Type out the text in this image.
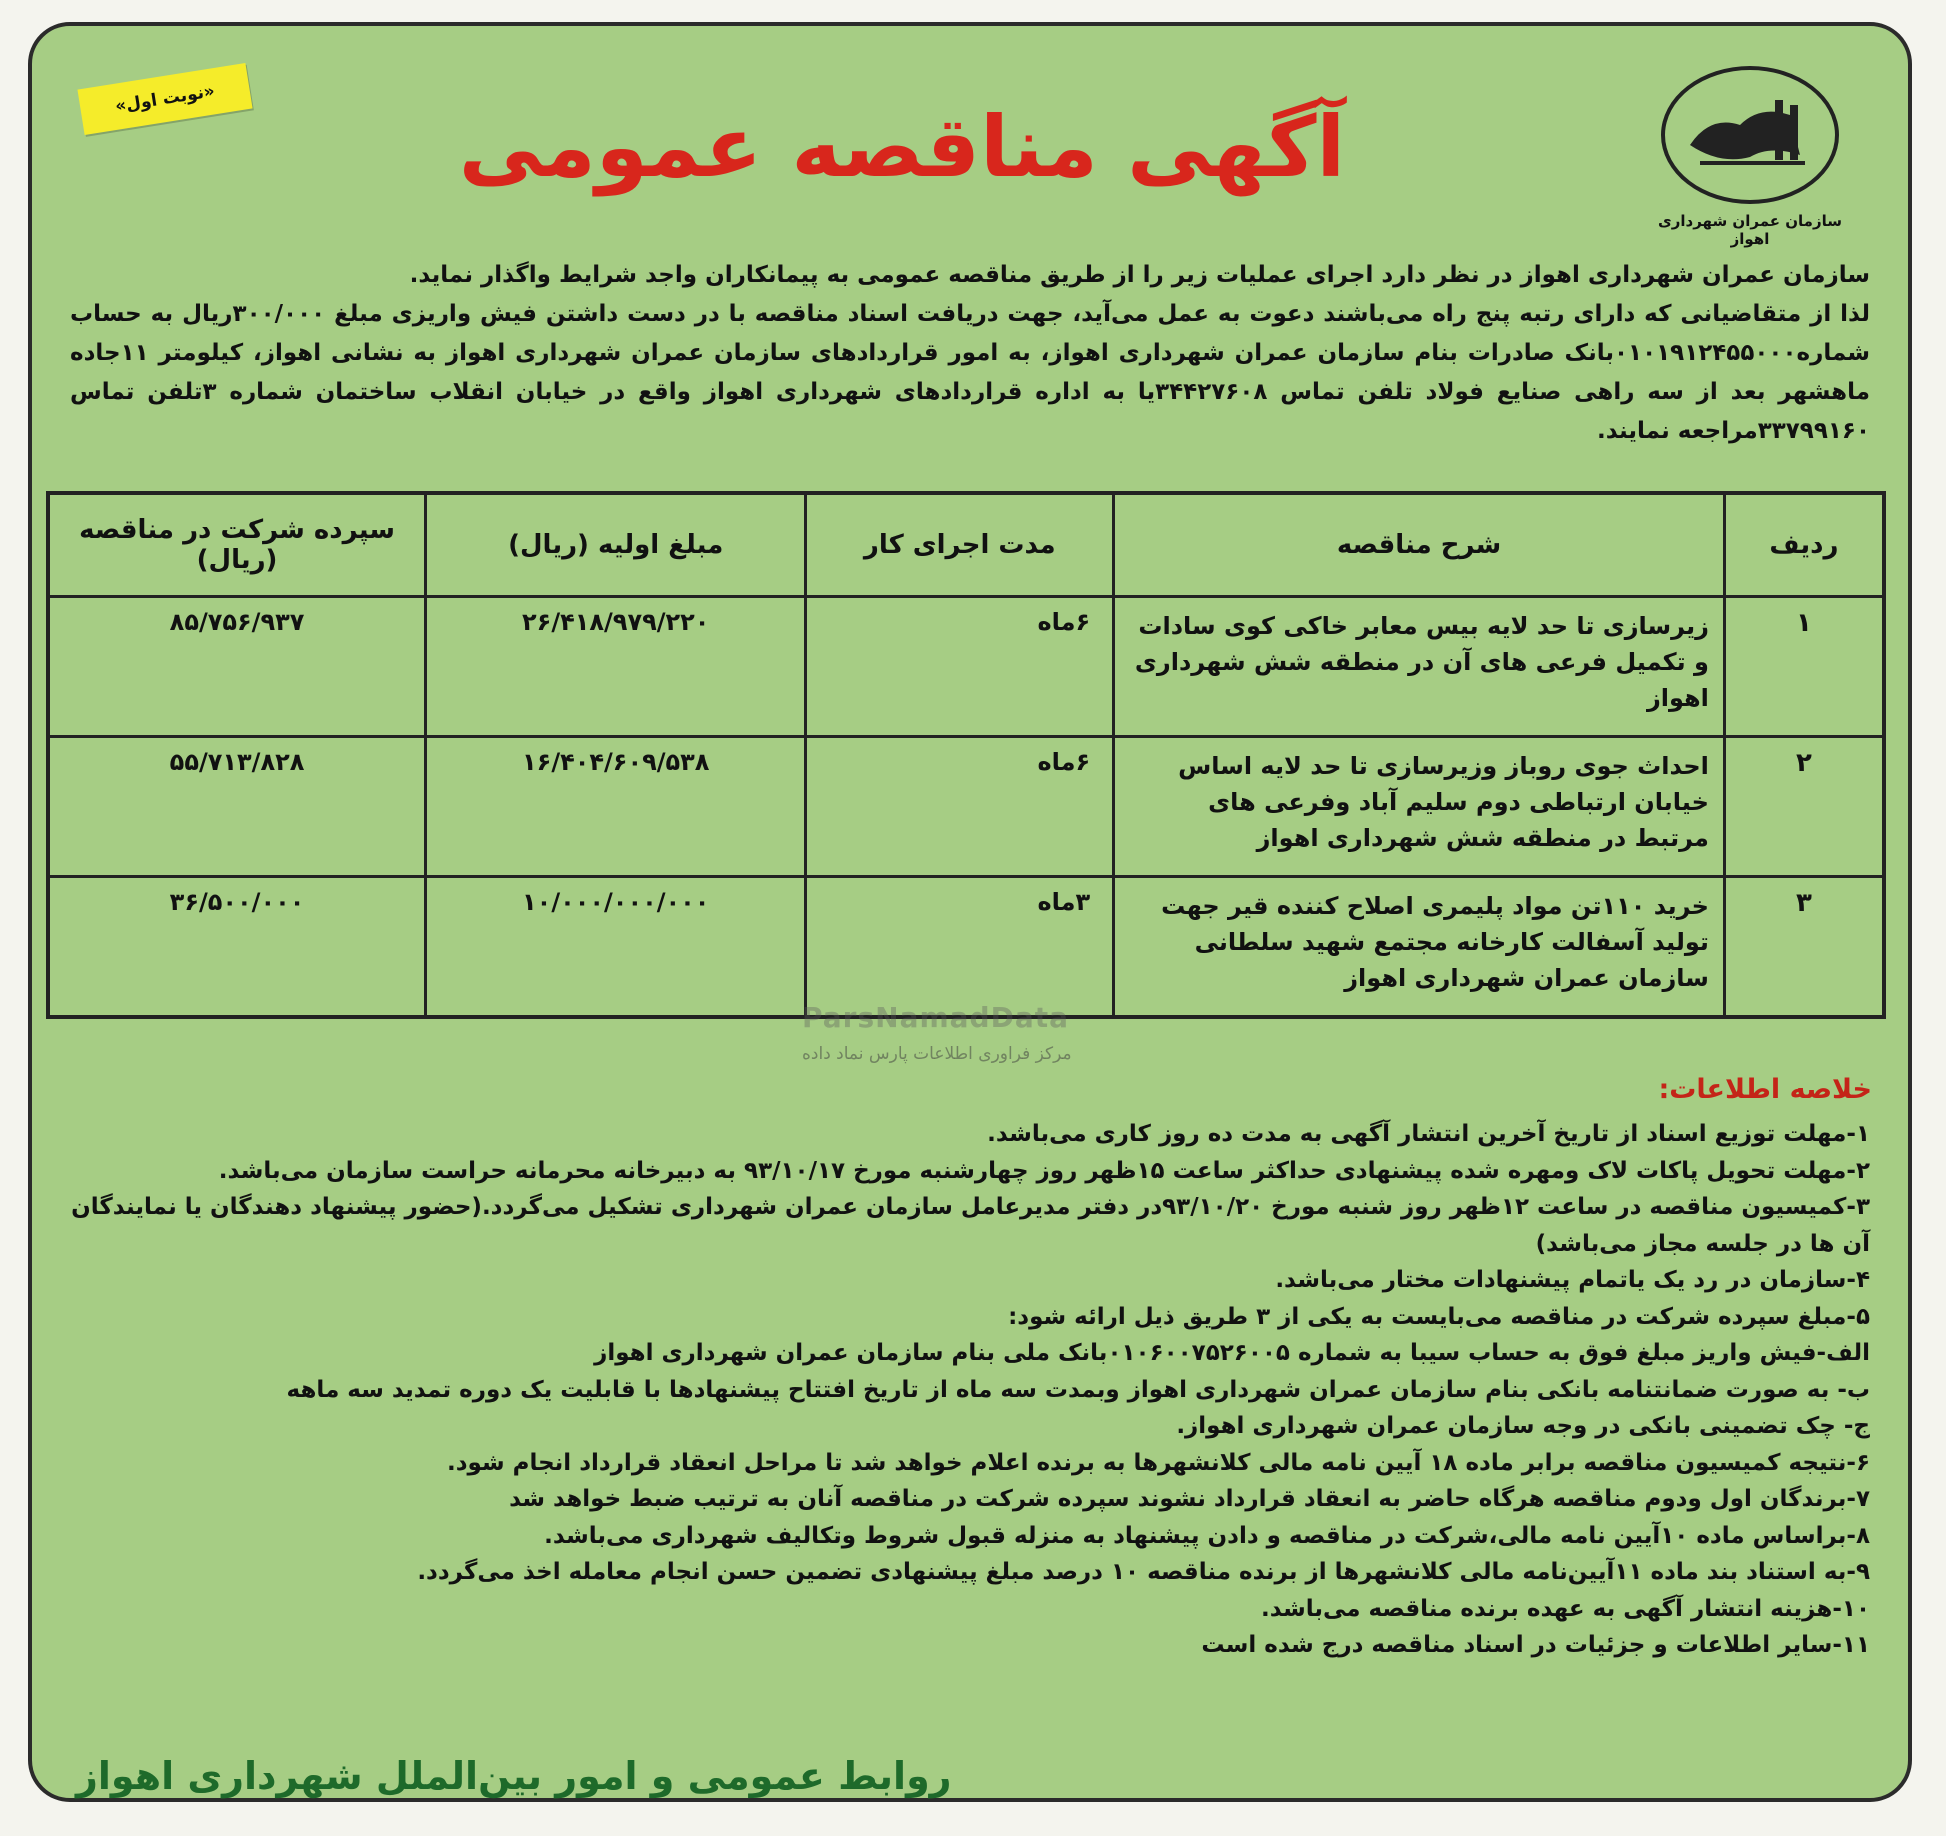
سازمان عمران شهرداری اهواز
«نوبت اول»	آگهی مناقصه عمومی

سازمان عمران شهرداری اهواز در نظر دارد اجرای عملیات زیر را از طریق مناقصه عمومی به پیمانکاران واجد شرایط واگذار نماید.

لذا از متقاضیانی که دارای رتبه پنج راه می‌باشند دعوت به عمل می‌آید، جهت دریافت اسناد مناقصه با در دست داشتن فیش واریزی مبلغ ۳۰۰/۰۰۰ریال به حساب شماره۰۱۰۱۹۱۲۴۵۵۰۰۰بانک صادرات بنام سازمان عمران شهرداری اهواز، به امور قراردادهای سازمان عمران شهرداری اهواز به نشانی اهواز، کیلومتر ۱۱جاده ماهشهر بعد از سه راهی صنایع فولاد تلفن تماس ۳۴۴۲۷۶۰۸یا به اداره قراردادهای شهرداری اهواز واقع در خیابان انقلاب ساختمان شماره ۳تلفن تماس ۳۳۷۹۹۱۶۰مراجعه نمایند.

ردیف	شرح مناقصه	مدت اجرای کار	مبلغ اولیه (ریال)	سپرده شرکت در مناقصه (ریال)
۱	زیرسازی تا حد لایه بیس معابر خاکی کوی سادات و تکمیل فرعی های آن در منطقه شش شهرداری اهواز	۶ماه	۲۶/۴۱۸/۹۷۹/۲۲۰	۸۵/۷۵۶/۹۳۷
۲	احداث جوی روباز وزیرسازی تا حد لایه اساس خیابان ارتباطی دوم سلیم آباد وفرعی های مرتبط در منطقه شش شهرداری اهواز	۶ماه	۱۶/۴۰۴/۶۰۹/۵۳۸	۵۵/۷۱۳/۸۲۸
۳	خرید ۱۱۰تن مواد پلیمری اصلاح کننده قیر جهت تولید آسفالت کارخانه مجتمع شهید سلطانی سازمان عمران شهرداری اهواز	۳ماه	۱۰/۰۰۰/۰۰۰/۰۰۰	۳۶/۵۰۰/۰۰۰
ParsNamadData
مرکز فراوری اطلاعات پارس نماد داده
خلاصه اطلاعات:
۱-مهلت توزیع اسناد از تاریخ آخرین انتشار آگهی به مدت ده روز کاری می‌باشد.
۲-مهلت تحویل پاکات لاک ومهره شده پیشنهادی حداکثر ساعت ۱۵ظهر روز چهارشنبه مورخ ۹۳/۱۰/۱۷ به دبیرخانه محرمانه حراست سازمان می‌باشد.
۳-کمیسیون مناقصه در ساعت ۱۲ظهر روز شنبه مورخ ۹۳/۱۰/۲۰در دفتر مدیرعامل سازمان عمران شهرداری تشکیل می‌گردد.(حضور پیشنهاد دهندگان یا نمایندگان آن ها در جلسه مجاز می‌باشد)
۴-سازمان در رد یک یاتمام پیشنهادات مختار می‌باشد.
۵-مبلغ سپرده شرکت در مناقصه می‌بایست به یکی از ۳ طریق ذیل ارائه شود:
الف-فیش واریز مبلغ فوق به حساب سیبا به شماره ۰۱۰۶۰۰۷۵۲۶۰۰۵بانک ملی بنام سازمان عمران شهرداری اهواز
ب- به صورت ضمانتنامه بانکی بنام سازمان عمران شهرداری اهواز وبمدت سه ماه از تاریخ افتتاح پیشنهادها با قابلیت یک دوره تمدید سه ماهه
ج- چک تضمینی بانکی در وجه سازمان عمران شهرداری اهواز.
۶-نتیجه کمیسیون مناقصه برابر ماده ۱۸ آیین نامه مالی کلانشهرها به برنده اعلام خواهد شد تا مراحل انعقاد قرارداد انجام شود.
۷-برندگان اول ودوم مناقصه هرگاه حاضر به انعقاد قرارداد نشوند سپرده شرکت در مناقصه آنان به ترتیب ضبط خواهد شد
۸-براساس ماده ۱۰آیین نامه مالی،شرکت در مناقصه و دادن پیشنهاد به منزله قبول شروط وتکالیف شهرداری می‌باشد.
۹-به استناد بند ماده ۱۱آیین‌نامه مالی کلانشهرها از برنده مناقصه ۱۰ درصد مبلغ پیشنهادی تضمین حسن انجام معامله اخذ می‌گردد.
۱۰-هزینه انتشار آگهی به عهده برنده مناقصه می‌باشد.
۱۱-سایر اطلاعات و جزئیات در اسناد مناقصه درج شده است
روابط عمومی و امور بین‌الملل شهرداری اهواز
